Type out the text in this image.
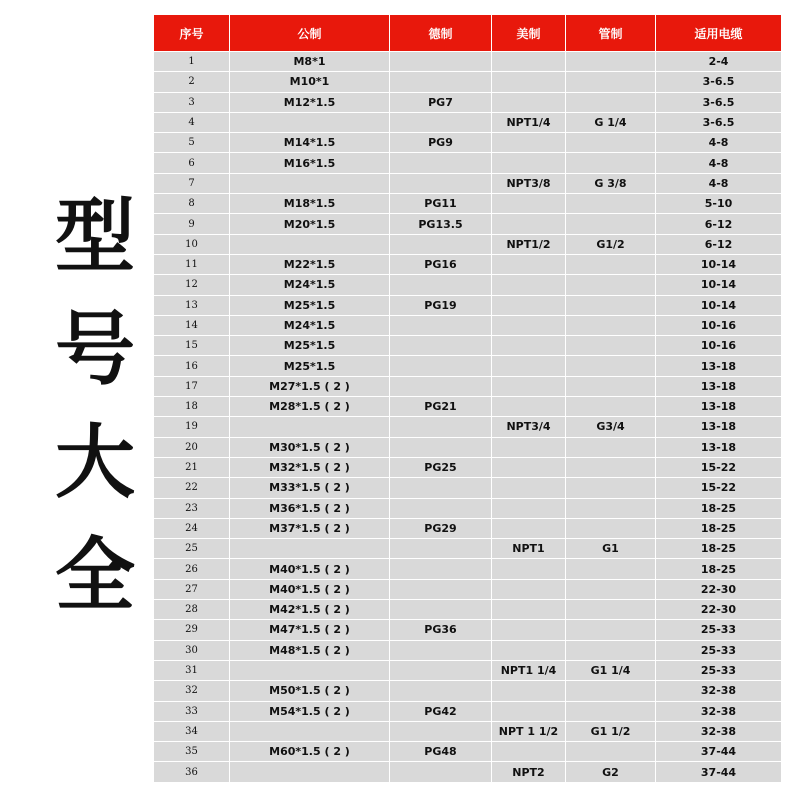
型
号
大
全
序号	公制	德制	美制	管制	适用电缆
1	M8*1				2-4
2	M10*1				3-6.5
3	M12*1.5	PG7			3-6.5
4			NPT1/4	G 1/4	3-6.5
5	M14*1.5	PG9			4-8
6	M16*1.5				4-8
7			NPT3/8	G 3/8	4-8
8	M18*1.5	PG11			5-10
9	M20*1.5	PG13.5			6-12
10			NPT1/2	G1/2	6-12
11	M22*1.5	PG16			10-14
12	M24*1.5				10-14
13	M25*1.5	PG19			10-14
14	M24*1.5				10-16
15	M25*1.5				10-16
16	M25*1.5				13-18
17	M27*1.5 ( 2 )				13-18
18	M28*1.5 ( 2 )	PG21			13-18
19			NPT3/4	G3/4	13-18
20	M30*1.5 ( 2 )				13-18
21	M32*1.5 ( 2 )	PG25			15-22
22	M33*1.5 ( 2 )				15-22
23	M36*1.5 ( 2 )				18-25
24	M37*1.5 ( 2 )	PG29			18-25
25			NPT1	G1	18-25
26	M40*1.5 ( 2 )				18-25
27	M40*1.5 ( 2 )				22-30
28	M42*1.5 ( 2 )				22-30
29	M47*1.5 ( 2 )	PG36			25-33
30	M48*1.5 ( 2 )				25-33
31			NPT1 1/4	G1 1/4	25-33
32	M50*1.5 ( 2 )				32-38
33	M54*1.5 ( 2 )	PG42			32-38
34			NPT 1 1/2	G1 1/2	32-38
35	M60*1.5 ( 2 )	PG48			37-44
36			NPT2	G2	37-44
